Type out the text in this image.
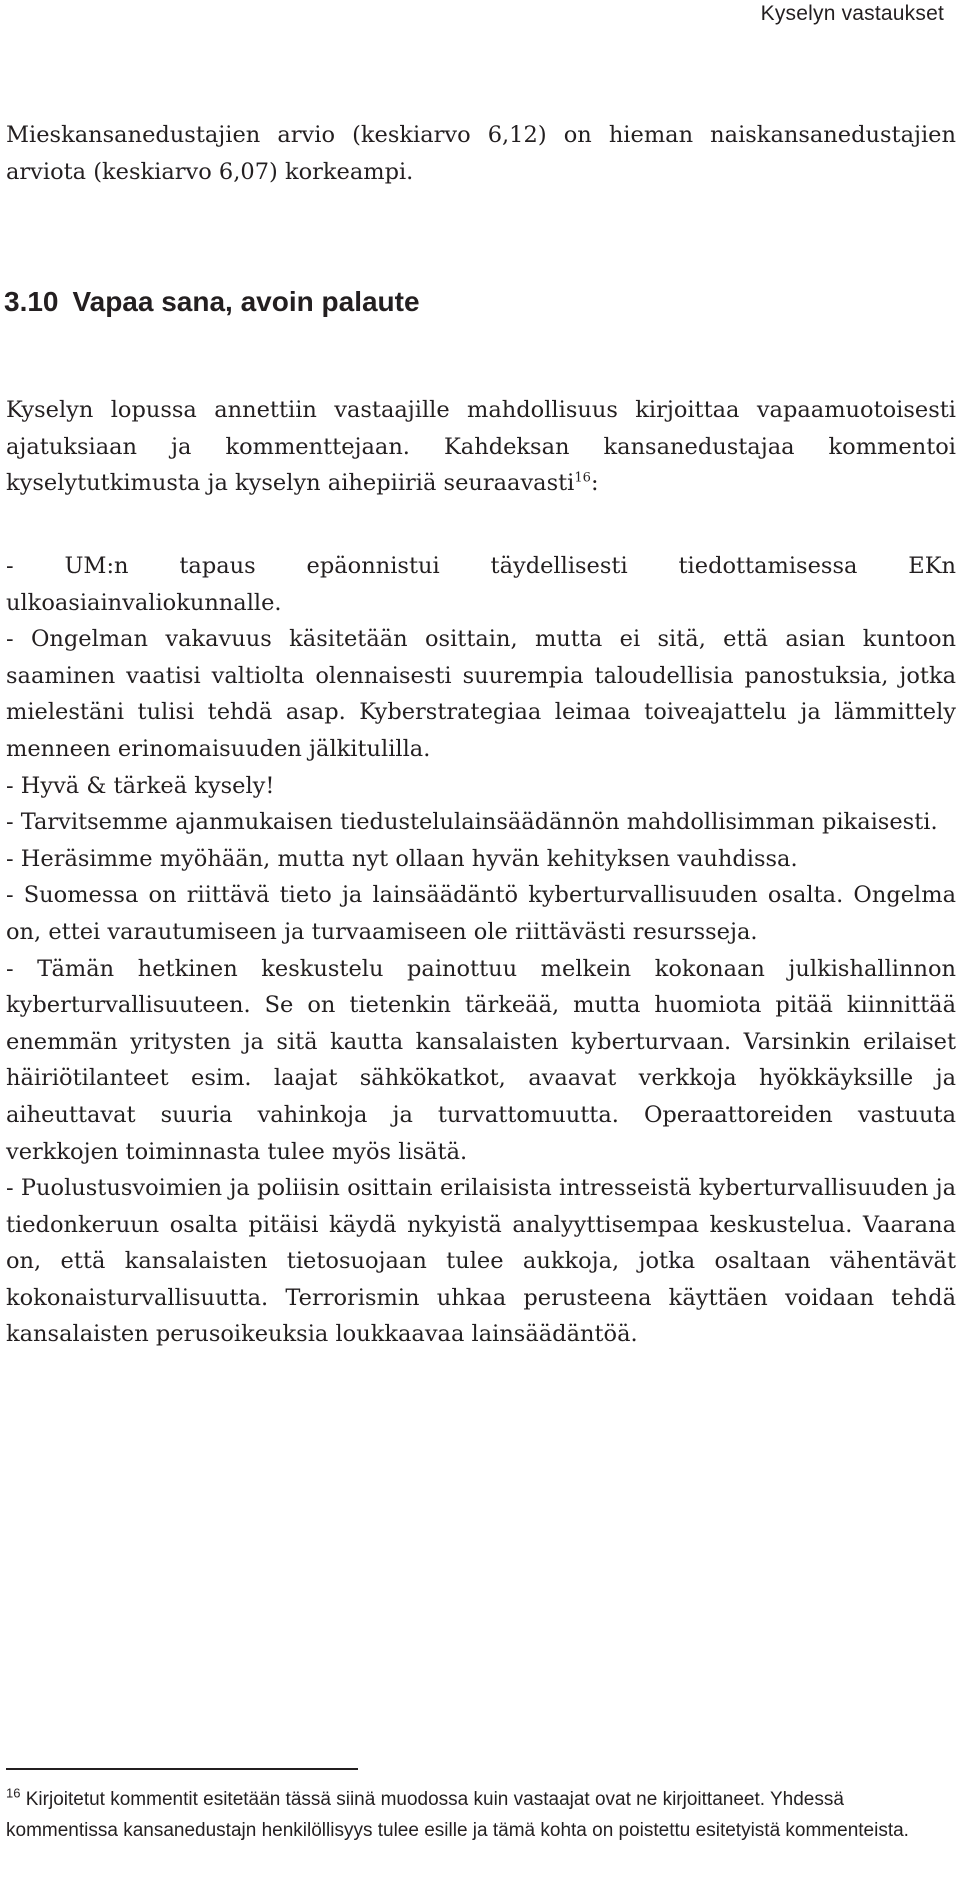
Kyselyn vastaukset

Mieskansanedustajien arvio (keskiarvo 6,12) on hieman naiskansanedustajien arviota (keskiarvo 6,07) korkeampi.

3.10 Vapaa sana, avoin palaute

Kyselyn lopussa annettiin vastaajille mahdollisuus kirjoittaa vapaamuotoisesti ajatuksiaan ja kommenttejaan. Kahdeksan kansanedustajaa kommentoi kyselytutkimusta ja kyselyn aihepiiriä seuraavasti$^{16}$:

- UM:n tapaus epäonnistui täydellisesti tiedottamisessa EKn ulkoasiainvaliokunnalle.

- Ongelman vakavuus käsitetään osittain, mutta ei sitä, että asian kuntoon saaminen vaatisi valtiolta olennaisesti suurempia taloudellisia panostuksia, jotka mielestäni tulisi tehdä asap. Kyberstrategiaa leimaa toiveajattelu ja lämmittely menneen erinomaisuuden jälkitulilla.

- Hyvä & tärkeä kysely!

- Tarvitsemme ajanmukaisen tiedustelulainsäädännön mahdollisimman pikaisesti.

- Heräsimme myöhään, mutta nyt ollaan hyvän kehityksen vauhdissa.

- Suomessa on riittävä tieto ja lainsäädäntö kyberturvallisuuden osalta. Ongelma on, ettei varautumiseen ja turvaamiseen ole riittävästi resursseja.

- Tämän hetkinen keskustelu painottuu melkein kokonaan julkishallinnon kyberturvallisuuteen. Se on tietenkin tärkeää, mutta huomiota pitää kiinnittää enemmän yritysten ja sitä kautta kansalaisten kyberturvaan. Varsinkin erilaiset häiriötilanteet esim. laajat sähkökatkot, avaavat verkkoja hyökkäyksille ja aiheuttavat suuria vahinkoja ja turvattomuutta. Operaattoreiden vastuuta verkkojen toiminnasta tulee myös lisätä.

- Puolustusvoimien ja poliisin osittain erilaisista intresseistä kyberturvallisuuden ja tiedonkeruun osalta pitäisi käydä nykyistä analyyttisempaa keskustelua. Vaarana on, että kansalaisten tietosuojaan tulee aukkoja, jotka osaltaan vähentävät kokonaisturvallisuutta. Terrorismin uhkaa perusteena käyttäen voidaan tehdä kansalaisten perusoikeuksia loukkaavaa lainsäädäntöä.

$^{16}$ Kirjoitetut kommentit esitetään tässä siinä muodossa kuin vastaajat ovat ne kirjoittaneet. Yhdessä kommentissa kansanedustajn henkilöllisyys tulee esille ja tämä kohta on poistettu esitetyistä kommenteista.
